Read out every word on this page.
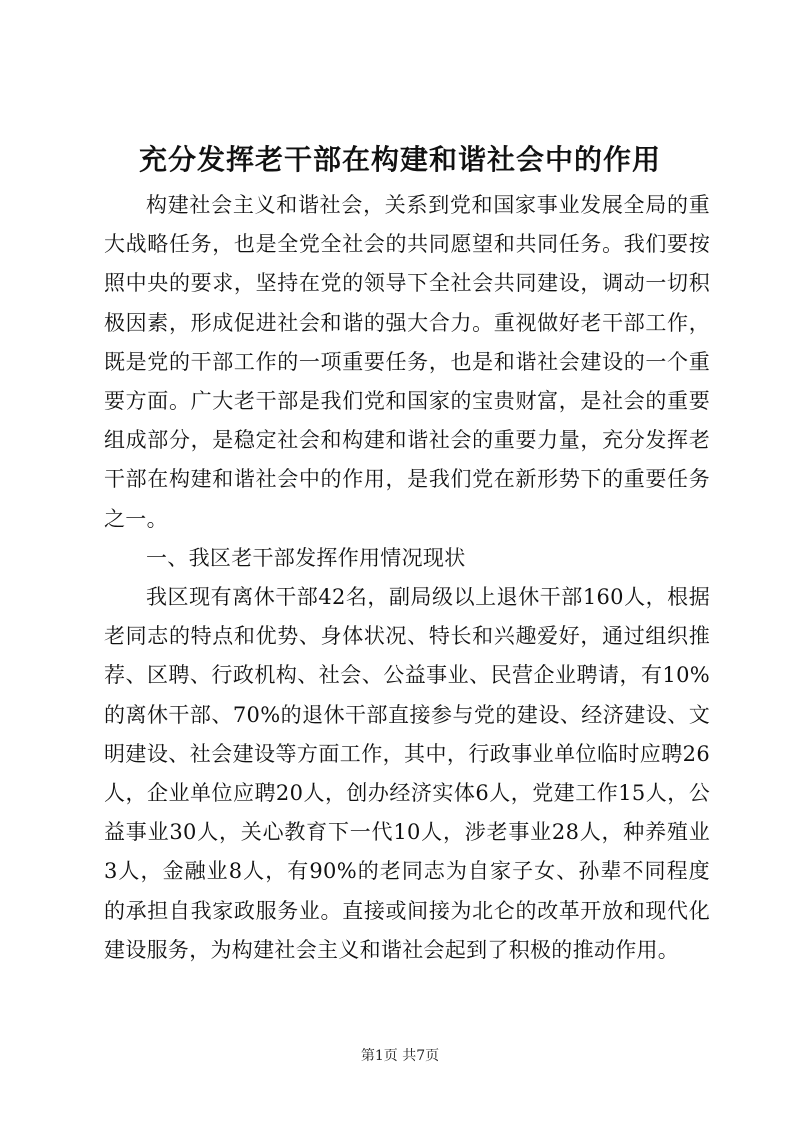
充分发挥老干部在构建和谐社会中的作用

构建社会主义和谐社会，关系到党和国家事业发展全局的重大战略任务，也是全党全社会的共同愿望和共同任务。我们要按照中央的要求，坚持在党的领导下全社会共同建设，调动一切积极因素，形成促进社会和谐的强大合力。重视做好老干部工作，既是党的干部工作的一项重要任务，也是和谐社会建设的一个重要方面。广大老干部是我们党和国家的宝贵财富，是社会的重要组成部分，是稳定社会和构建和谐社会的重要力量，充分发挥老干部在构建和谐社会中的作用，是我们党在新形势下的重要任务之一。

一、我区老干部发挥作用情况现状

我区现有离休干部42名，副局级以上退休干部160人，根据老同志的特点和优势、身体状况、特长和兴趣爱好，通过组织推荐、区聘、行政机构、社会、公益事业、民营企业聘请，有10%的离休干部、70%的退休干部直接参与党的建设、经济建设、文明建设、社会建设等方面工作，其中，行政事业单位临时应聘26人，企业单位应聘20人，创办经济实体6人，党建工作15人，公益事业30人，关心教育下一代10人，涉老事业28人，种养殖业3人，金融业8人，有90%的老同志为自家子女、孙辈不同程度的承担自我家政服务业。直接或间接为北仑的改革开放和现代化建设服务，为构建社会主义和谐社会起到了积极的推动作用。

第1页 共7页
